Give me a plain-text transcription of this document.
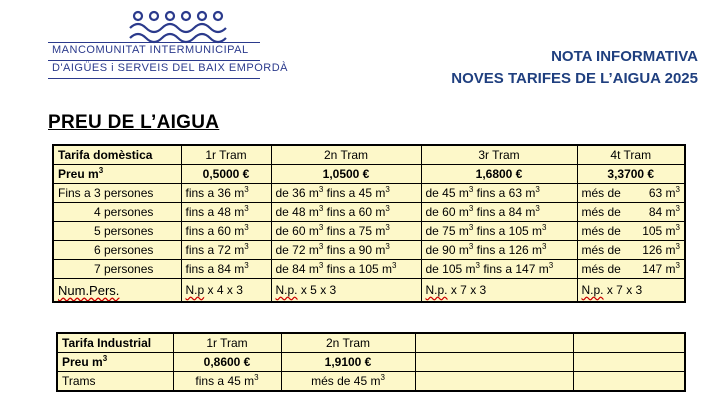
MANCOMUNITAT INTERMUNICIPAL
D'AIGÜES i SERVEIS DEL BAIX EMPORDÀ
NOTA INFORMATIVA
NOVES TARIFES DE L’AIGUA 2025
PREU DE L’AIGUA
Tarifa domèstica	1r Tram	2n Tram	3r Tram	4t Tram
Preu $m^3$	0,5000 €	1,0500 €	1,6800 €	3,3700 €
Fins a 3 persones	fins a 36 $m^3$	de 36 $m^3$ fins a 45 $m^3$	de 45 $m^3$ fins a 63 $m^3$	més de 63 $m^3$

4 persones	fins a 48 $m^3$	de 48 $m^3$ fins a 60 $m^3$	de 60 $m^3$ fins a 84 $m^3$	més de 84 $m^3$

5 persones	fins a 60 $m^3$	de 60 $m^3$ fins a 75 $m^3$	de 75 $m^3$ fins a 105 $m^3$	més de 105 $m^3$

6 persones	fins a 72 $m^3$	de 72 $m^3$ fins a 90 $m^3$	de 90 $m^3$ fins a 126 $m^3$	més de 126 $m^3$

7 persones	fins a 84 $m^3$	de 84 $m^3$ fins a 105 $m^3$	de 105 $m^3$ fins a 147 $m^3$	més de 147 $m^3$

Num.Pers.	N.p x 4 x 3	N.p. x 5 x 3	N.p. x 7 x 3	N.p. x 7 x 3
Tarifa Industrial	1r Tram	2n Tram		
Preu $m^3$	0,8600 €	1,9100 €		
Trams	fins a 45 $m^3$	més de 45 $m^3$		
